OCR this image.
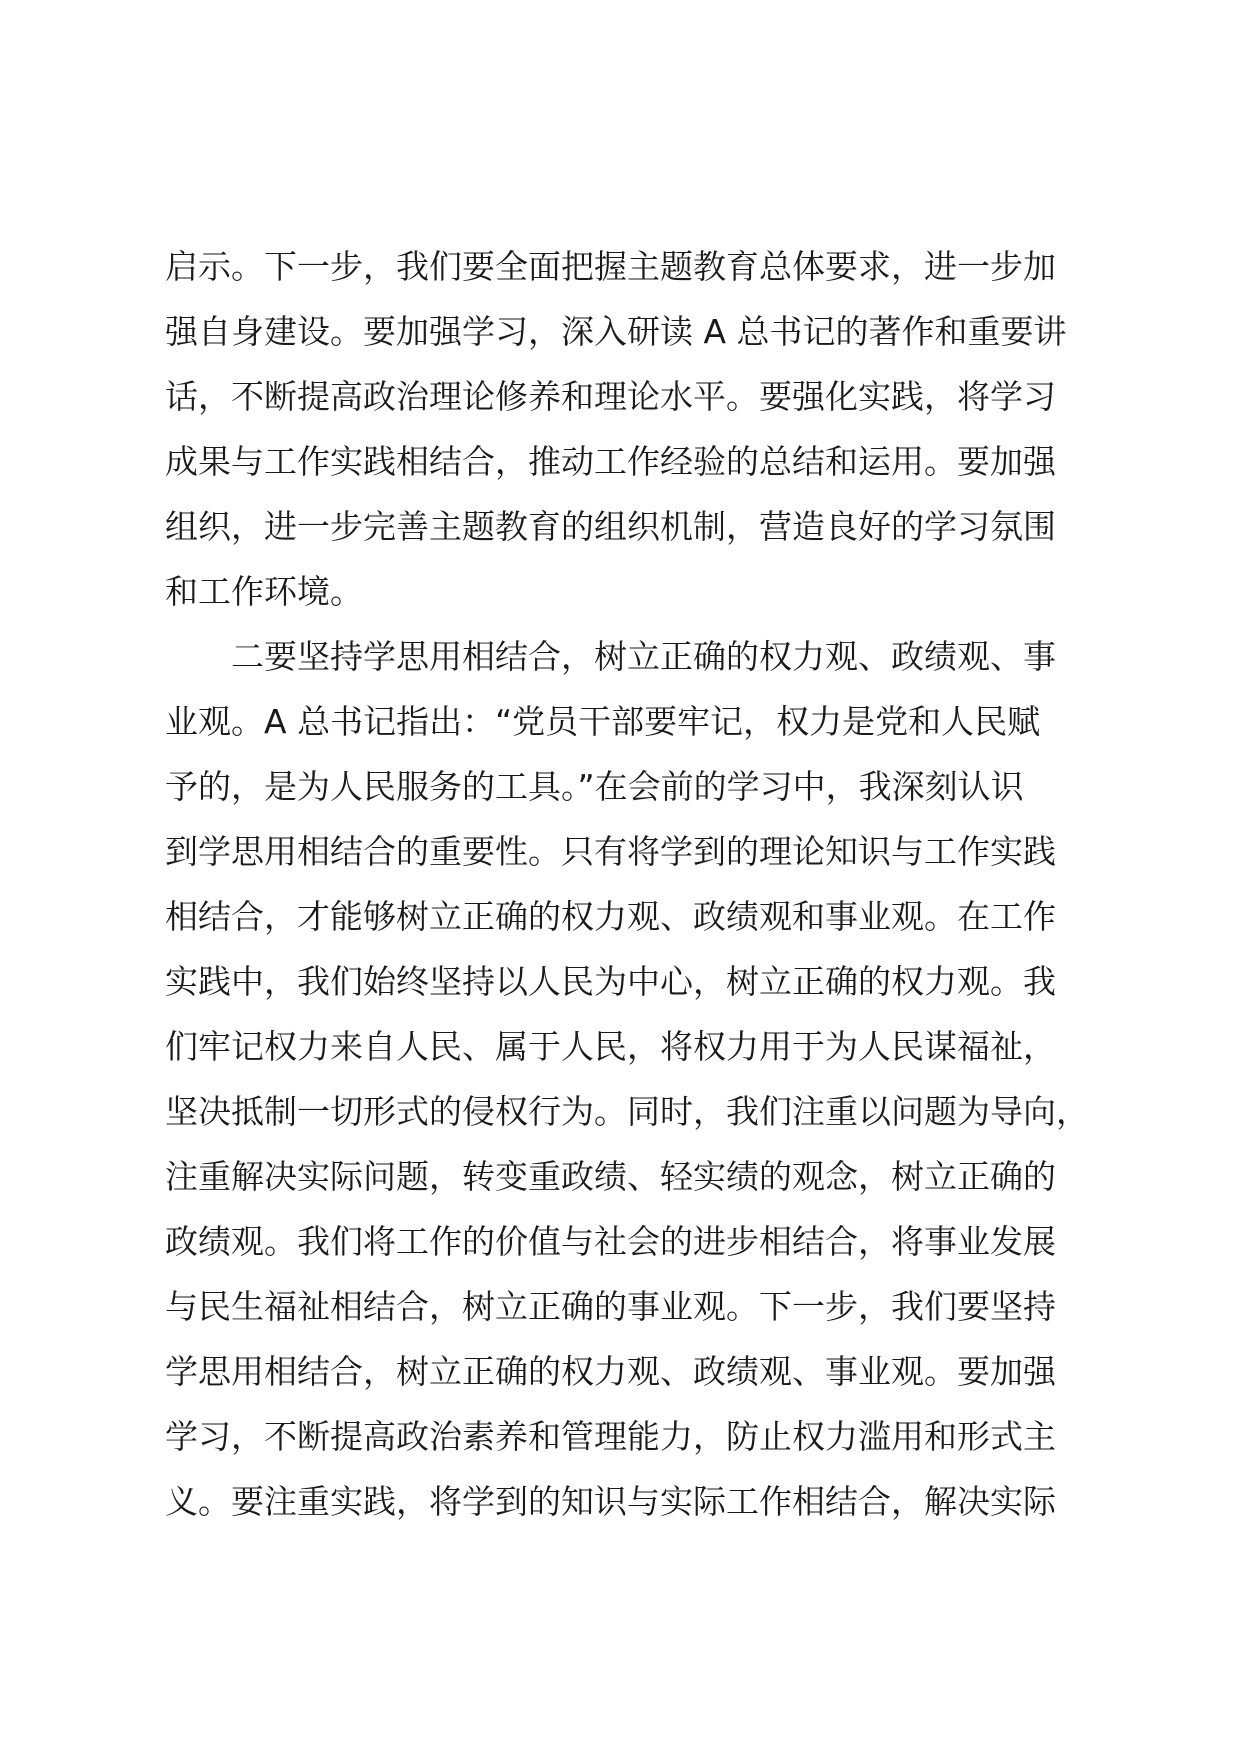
启示。下一步，我们要全面把握主题教育总体要求，进一步加
强自身建设。要加强学习，深入研读 A 总书记的著作和重要讲
话，不断提高政治理论修养和理论水平。要强化实践，将学习
成果与工作实践相结合，推动工作经验的总结和运用。要加强
组织，进一步完善主题教育的组织机制，营造良好的学习氛围
和工作环境。
二要坚持学思用相结合，树立正确的权力观、政绩观、事
业观。A 总书记指出：“党员干部要牢记，权力是党和人民赋
予的，是为人民服务的工具。”在会前的学习中，我深刻认识
到学思用相结合的重要性。只有将学到的理论知识与工作实践
相结合，才能够树立正确的权力观、政绩观和事业观。在工作
实践中，我们始终坚持以人民为中心，树立正确的权力观。我
们牢记权力来自人民、属于人民，将权力用于为人民谋福祉，
坚决抵制一切形式的侵权行为。同时，我们注重以问题为导向，
注重解决实际问题，转变重政绩、轻实绩的观念，树立正确的
政绩观。我们将工作的价值与社会的进步相结合，将事业发展
与民生福祉相结合，树立正确的事业观。下一步，我们要坚持
学思用相结合，树立正确的权力观、政绩观、事业观。要加强
学习，不断提高政治素养和管理能力，防止权力滥用和形式主
义。要注重实践，将学到的知识与实际工作相结合，解决实际
